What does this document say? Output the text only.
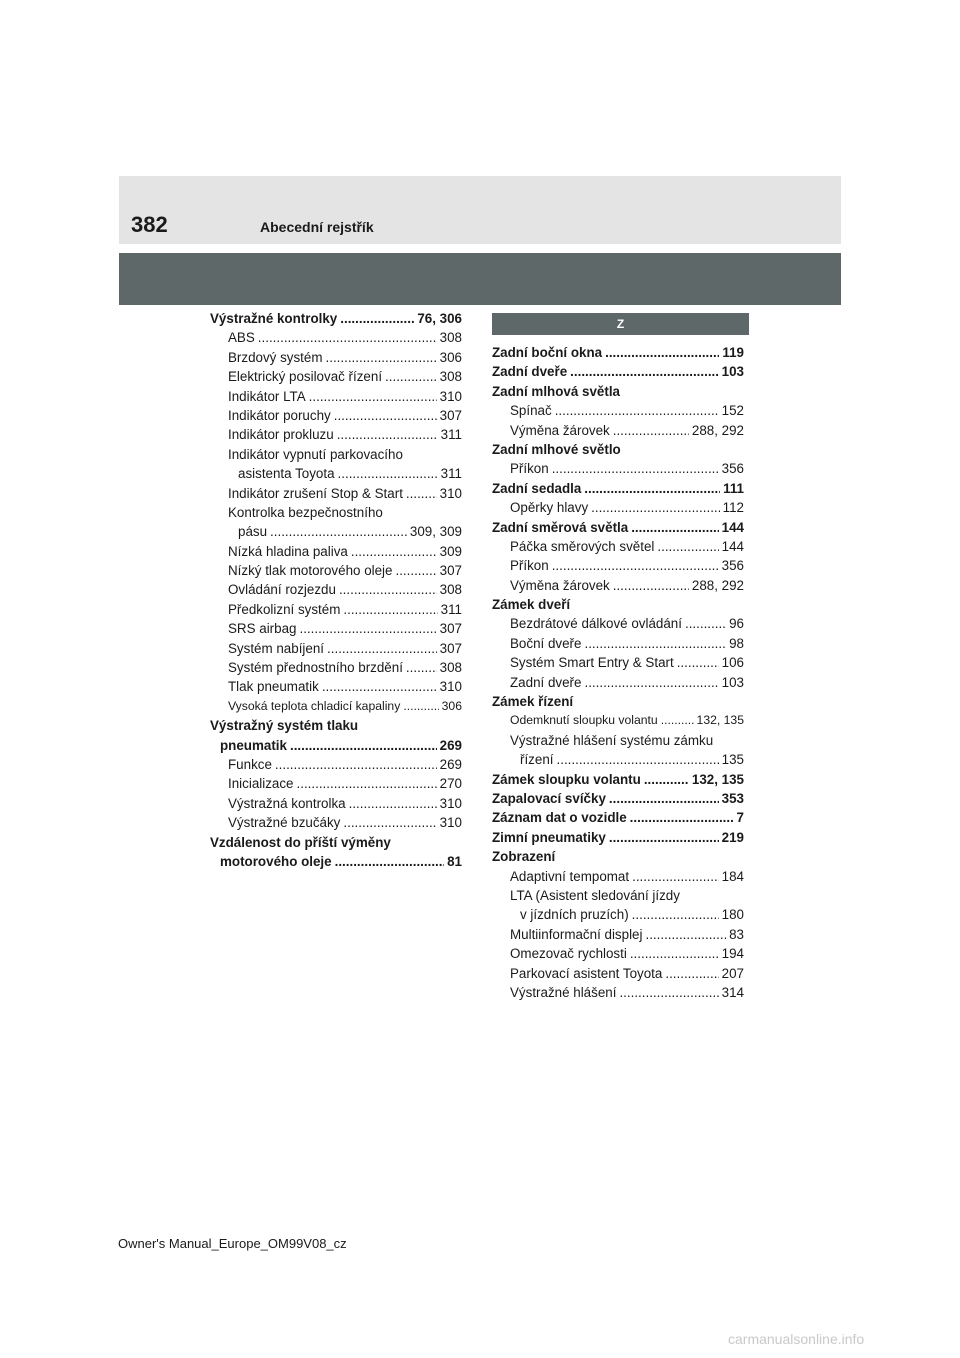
382	Abecední rejstřík
Výstražné kontrolky .....	76, 306
ABS .....	308
Brzdový systém .....	306
Elektrický posilovač řízení .....	308
Indikátor LTA .....	310
Indikátor poruchy .....	307
Indikátor prokluzu .....	311
Indikátor vypnutí parkovacího
asistenta Toyota .....	311
Indikátor zrušení Stop & Start .....	310
Kontrolka bezpečnostního
pásu .....	309, 309
Nízká hladina paliva .....	309
Nízký tlak motorového oleje .....	307
Ovládání rozjezdu .....	308
Předkolizní systém .....	311
SRS airbag .....	307
Systém nabíjení .....	307
Systém přednostního brzdění .....	308
Tlak pneumatik .....	310
Vysoká teplota chladicí kapaliny .....	306
Výstražný systém tlaku
pneumatik .....	269
Funkce .....	269
Inicializace .....	270
Výstražná kontrolka .....	310
Výstražné bzučáky .....	310
Vzdálenost do příští výměny
motorového oleje .....	81
Z
Zadní boční okna .....	119
Zadní dveře .....	103
Zadní mlhová světla
Spínač .....	152
Výměna žárovek .....	288, 292
Zadní mlhové světlo
Příkon .....	356
Zadní sedadla .....	111
Opěrky hlavy .....	112
Zadní směrová světla .....	144
Páčka směrových světel .....	144
Příkon .....	356
Výměna žárovek .....	288, 292
Zámek dveří
Bezdrátové dálkové ovládání .....	96
Boční dveře .....	98
Systém Smart Entry & Start .....	106
Zadní dveře .....	103
Zámek řízení
Odemknutí sloupku volantu .....	132, 135
Výstražné hlášení systému zámku
řízení .....	135
Zámek sloupku volantu .....	132, 135
Zapalovací svíčky .....	353
Záznam dat o vozidle .....	7
Zimní pneumatiky .....	219
Zobrazení
Adaptivní tempomat .....	184
LTA (Asistent sledování jízdy
v jízdních pruzích) .....	180
Multiinformační displej .....	83
Omezovač rychlosti .....	194
Parkovací asistent Toyota .....	207
Výstražné hlášení .....	314
Owner's Manual_Europe_OM99V08_cz
carmanualsonline.info
